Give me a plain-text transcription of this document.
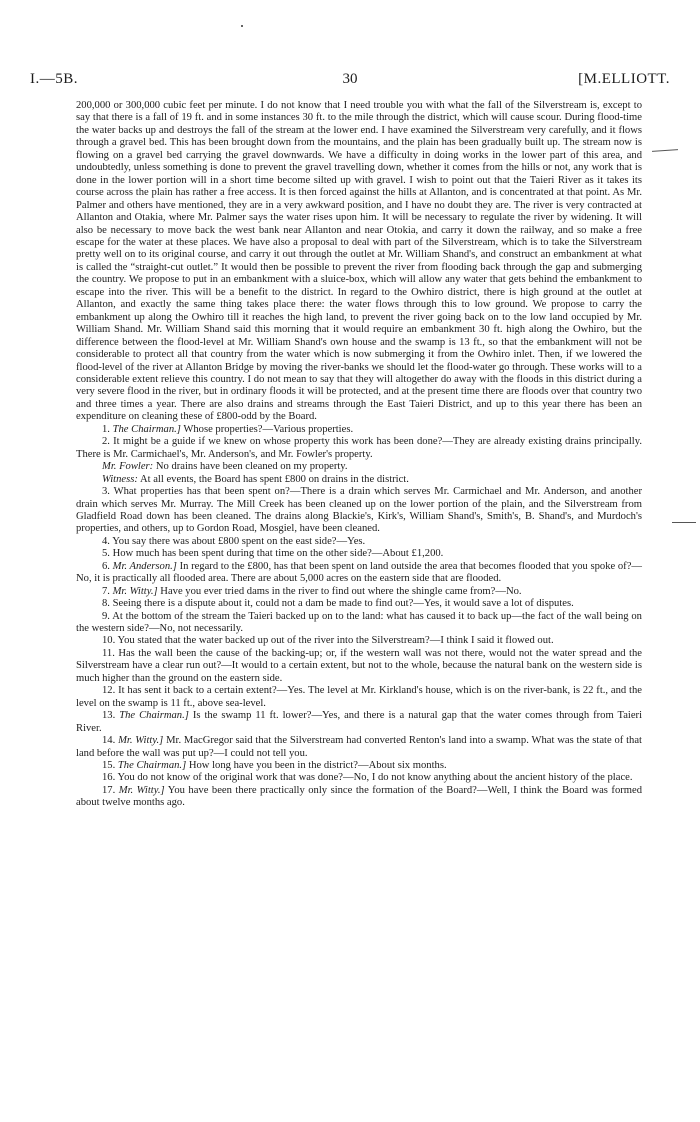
I.—5B.	30	[M.ELLIOTT.

200,000 or 300,000 cubic feet per minute. I do not know that I need trouble you with what the fall of the Silverstream is, except to say that there is a fall of 19 ft. and in some instances 30 ft. to the mile through the district, which will cause scour. During flood-time the water backs up and destroys the fall of the stream at the lower end. I have examined the Silverstream very carefully, and it flows through a gravel bed. This has been brought down from the mountains, and the plain has been gradually built up. The stream now is flowing on a gravel bed carrying the gravel downwards. We have a difficulty in doing works in the lower part of this area, and undoubtedly, unless something is done to prevent the gravel travelling down, whether it comes from the hills or not, any work that is done in the lower portion will in a short time become silted up with gravel. I wish to point out that the Taieri River as it takes its course across the plain has rather a free access. It is then forced against the hills at Allanton, and is concentrated at that point. As Mr. Palmer and others have mentioned, they are in a very awkward position, and I have no doubt they are. The river is very contracted at Allanton and Otakia, where Mr. Palmer says the water rises upon him. It will be necessary to regulate the river by widening. It will also be necessary to move back the west bank near Allanton and near Otokia, and carry it down the railway, and so make a free escape for the water at these places. We have also a proposal to deal with part of the Silverstream, which is to take the Silverstream pretty well on to its original course, and carry it out through the outlet at Mr. William Shand's, and construct an embankment at what is called the “straight-cut outlet.” It would then be possible to prevent the river from flooding back through the gap and submerging the country. We propose to put in an embankment with a sluice-box, which will allow any water that gets behind the embankment to escape into the river. This will be a benefit to the district. In regard to the Owhiro district, there is high ground at the outlet at Allanton, and exactly the same thing takes place there: the water flows through this to low ground. We propose to carry the embankment up along the Owhiro till it reaches the high land, to prevent the river going back on to the low land occupied by Mr. William Shand. Mr. William Shand said this morning that it would require an embankment 30 ft. high along the Owhiro, but the difference between the flood-level at Mr. William Shand's own house and the swamp is 13 ft., so that the embankment will not be considerable to protect all that country from the water which is now submerging it from the Owhiro inlet. Then, if we lowered the flood-level of the river at Allanton Bridge by moving the river-banks we should let the flood-water go through. These works will to a considerable extent relieve this country. I do not mean to say that they will altogether do away with the floods in this district during a very severe flood in the river, but in ordinary floods it will be protected, and at the present time there are floods over that country two and three times a year. There are also drains and streams through the East Taieri District, and up to this year there has been an expenditure on cleaning these of £800-odd by the Board.

1. The Chairman.] Whose properties?—Various properties.

2. It might be a guide if we knew on whose property this work has been done?—They are already existing drains principally. There is Mr. Carmichael's, Mr. Anderson's, and Mr. Fowler's property.

Mr. Fowler: No drains have been cleaned on my property.

Witness: At all events, the Board has spent £800 on drains in the district.

3. What properties has that been spent on?—There is a drain which serves Mr. Carmichael and Mr. Anderson, and another drain which serves Mr. Murray. The Mill Creek has been cleaned up on the lower portion of the plain, and the Silverstream from Gladfield Road down has been cleaned. The drains along Blackie's, Kirk's, William Shand's, Smith's, B. Shand's, and Murdoch's properties, and others, up to Gordon Road, Mosgiel, have been cleaned.

4. You say there was about £800 spent on the east side?—Yes.

5. How much has been spent during that time on the other side?—About £1,200.

6. Mr. Anderson.] In regard to the £800, has that been spent on land outside the area that becomes flooded that you spoke of?—No, it is practically all flooded area. There are about 5,000 acres on the eastern side that are flooded.

7. Mr. Witty.] Have you ever tried dams in the river to find out where the shingle came from?—No.

8. Seeing there is a dispute about it, could not a dam be made to find out?—Yes, it would save a lot of disputes.

9. At the bottom of the stream the Taieri backed up on to the land: what has caused it to back up—the fact of the wall being on the western side?—No, not necessarily.

10. You stated that the water backed up out of the river into the Silverstream?—I think I said it flowed out.

11. Has the wall been the cause of the backing-up; or, if the western wall was not there, would not the water spread and the Silverstream have a clear run out?—It would to a certain extent, but not to the whole, because the natural bank on the western side is much higher than the ground on the eastern side.

12. It has sent it back to a certain extent?—Yes. The level at Mr. Kirkland's house, which is on the river-bank, is 22 ft., and the level on the swamp is 11 ft., above sea-level.

13. The Chairman.] Is the swamp 11 ft. lower?—Yes, and there is a natural gap that the water comes through from Taieri River.

14. Mr. Witty.] Mr. MacGregor said that the Silverstream had converted Renton's land into a swamp. What was the state of that land before the wall was put up?—I could not tell you.

15. The Chairman.] How long have you been in the district?—About six months.

16. You do not know of the original work that was done?—No, I do not know anything about the ancient history of the place.

17. Mr. Witty.] You have been there practically only since the formation of the Board?—Well, I think the Board was formed about twelve months ago.
